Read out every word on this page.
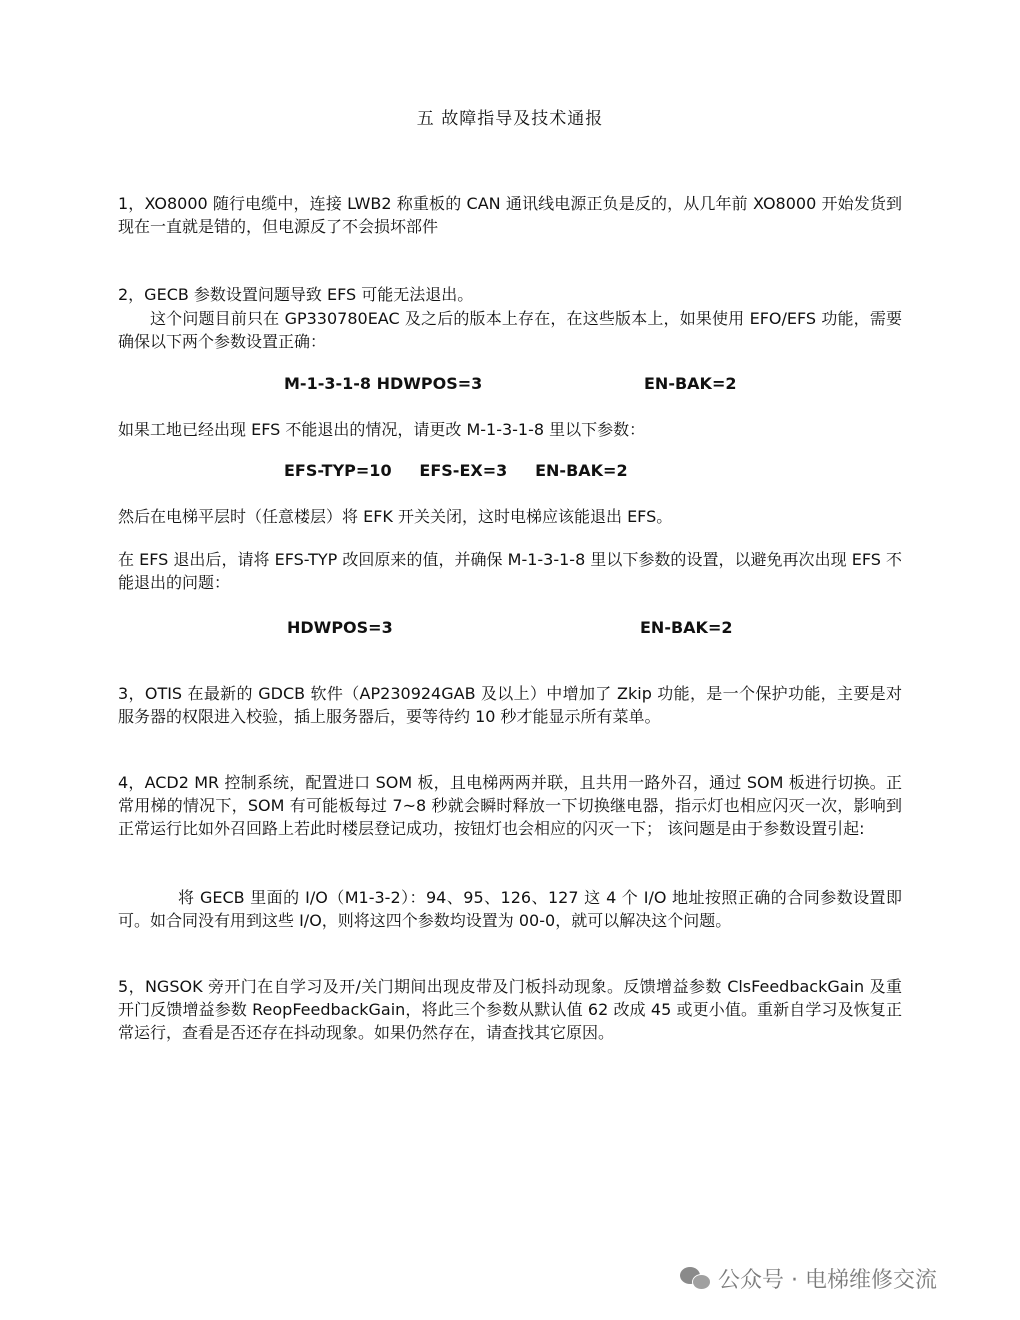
五 故障指导及技术通报

1，XO8000 随行电缆中，连接 LWB2 称重板的 CAN 通讯线电源正负是反的，从几年前 XO8000 开始发货到现在一直就是错的，但电源反了不会损坏部件

2，GECB 参数设置问题导致 EFS 可能无法退出。

这个问题目前只在 GP330780EAC 及之后的版本上存在，在这些版本上，如果使用 EFO/EFS 功能，需要确保以下两个参数设置正确：

M-1-3-1-8 HDWPOS=3	EN-BAK=2

如果工地已经出现 EFS 不能退出的情况，请更改 M-1-3-1-8 里以下参数：

EFS-TYP=10     EFS-EX=3     EN-BAK=2

然后在电梯平层时（任意楼层）将 EFK 开关关闭，这时电梯应该能退出 EFS。

在 EFS 退出后，请将 EFS-TYP 改回原来的值，并确保 M-1-3-1-8 里以下参数的设置，以避免再次出现 EFS 不能退出的问题：

HDWPOS=3	EN-BAK=2

3，OTIS 在最新的 GDCB 软件（AP230924GAB 及以上）中增加了 Zkip 功能，是一个保护功能，主要是对服务器的权限进入校验，插上服务器后，要等待约 10 秒才能显示所有菜单。

4，ACD2 MR 控制系统，配置进口 SOM 板，且电梯两两并联，且共用一路外召，通过 SOM 板进行切换。正常用梯的情况下，SOM 有可能板每过 7~8 秒就会瞬时释放一下切换继电器，指示灯也相应闪灭一次，影响到正常运行比如外召回路上若此时楼层登记成功，按钮灯也会相应的闪灭一下； 该问题是由于参数设置引起:

将 GECB 里面的 I/O（M1-3-2）：94、95、126、127 这 4 个 I/O 地址按照正确的合同参数设置即可。如合同没有用到这些 I/O，则将这四个参数均设置为 00-0，就可以解决这个问题。

5，NGSOK 旁开门在自学习及开/关门期间出现皮带及门板抖动现象。反馈增益参数 ClsFeedbackGain 及重开门反馈增益参数 ReopFeedbackGain，将此三个参数从默认值 62 改成 45 或更小值。重新自学习及恢复正常运行，查看是否还存在抖动现象。如果仍然存在，请查找其它原因。

公众号 · 电梯维修交流
